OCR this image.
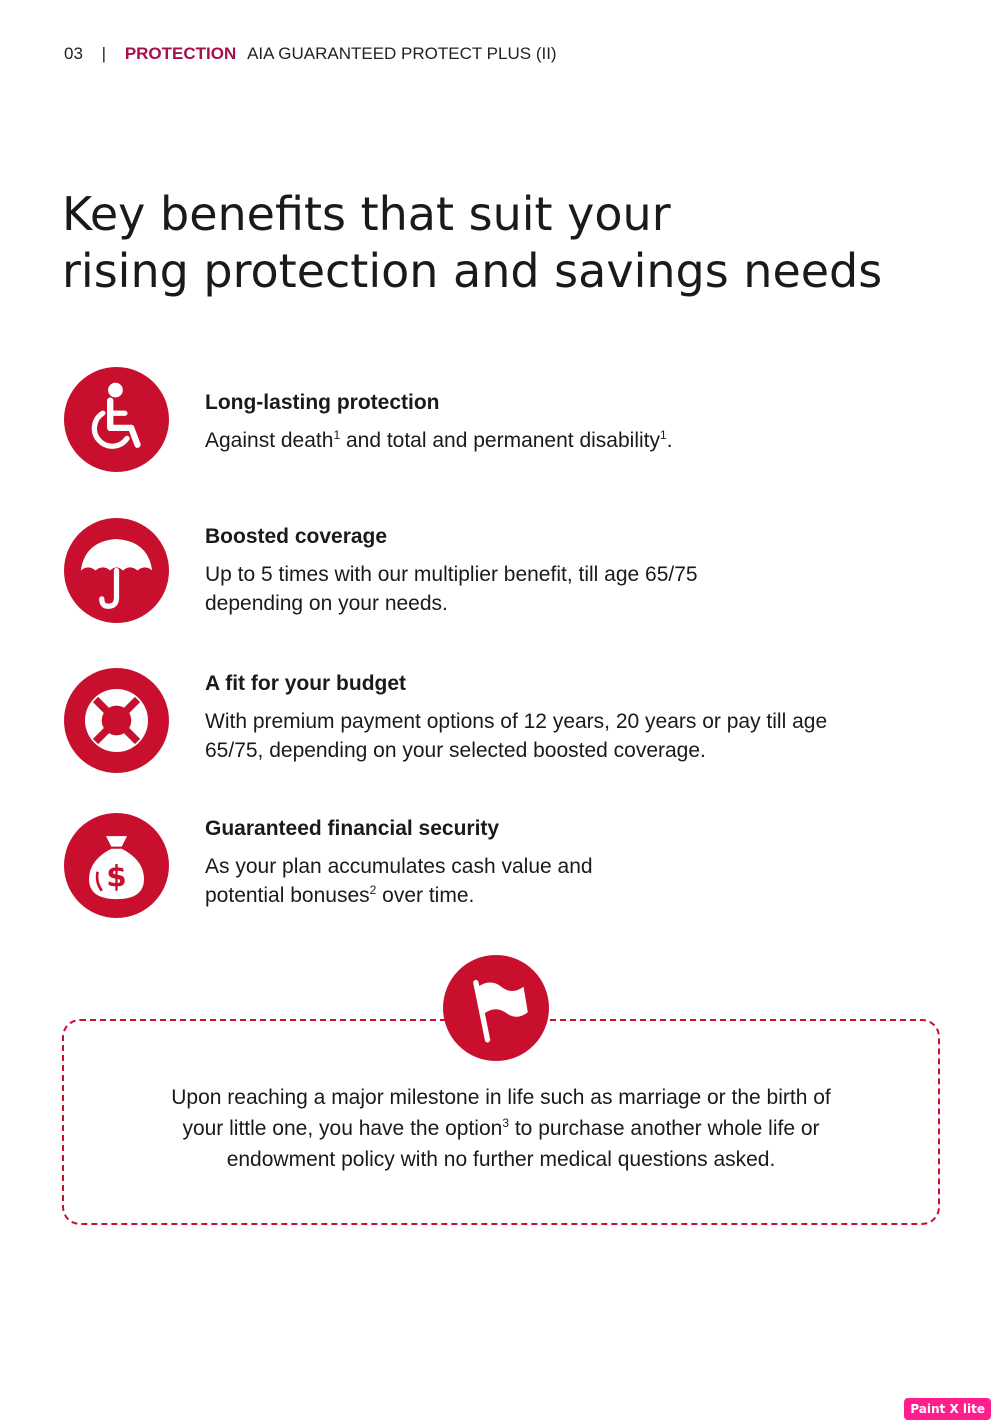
03 | PROTECTION AIA GUARANTEED PROTECT PLUS (II)
Key benefits that suit your
rising protection and savings needs

Long-lasting protection

Against death$^1$ and total and permanent disability$^1$.

Boosted coverage

Up to 5 times with our multiplier benefit, till age 65/75 depending on your needs.

A fit for your budget

With premium payment options of 12 years, 20 years or pay till age 65/75, depending on your selected boosted coverage.

$

Guaranteed financial security

As your plan accumulates cash value and
potential bonuses$^2$ over time.

Upon reaching a major milestone in life such as marriage or the birth of
your little one, you have the option$^3$ to purchase another whole life or
endowment policy with no further medical questions asked.
Paint X lite
